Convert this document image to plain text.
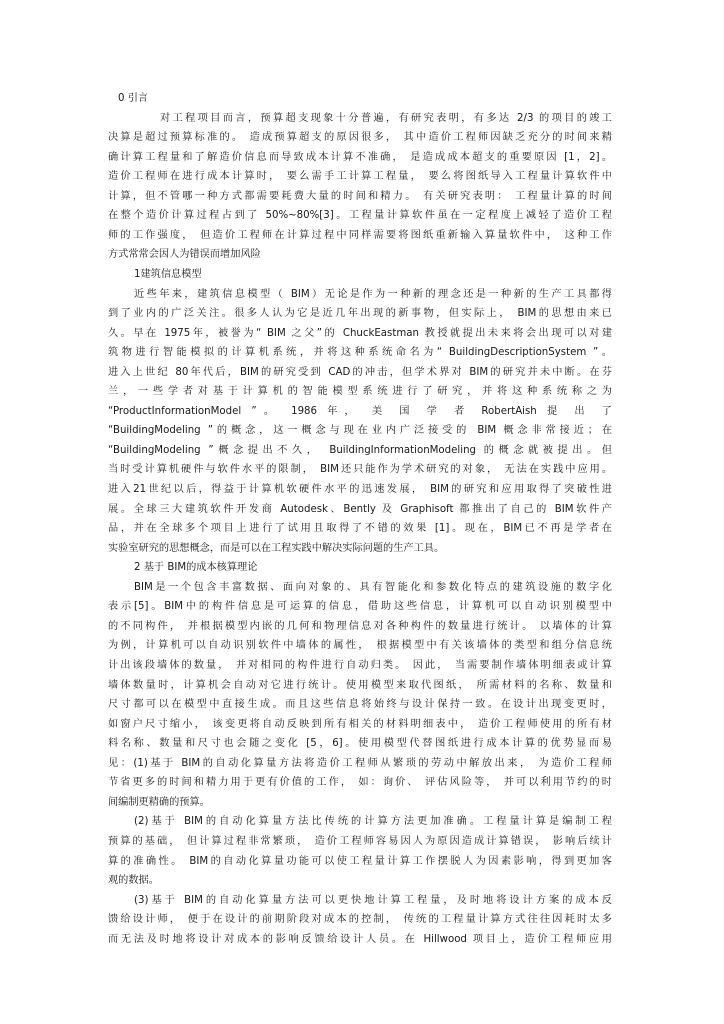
0 引言
对工程项目而言，预算超支现象十分普遍，有研究表明，有多达 2/3 的项目的竣工
决算是超过预算标准的。 造成预算超支的原因很多， 其中造价工程师因缺乏充分的时间来精
确计算工程量和了解造价信息而导致成本计算不准确， 是造成成本超支的重要原因 [1，2]。
造价工程师在进行成本计算时， 要么需手工计算工程量， 要么将图纸导入工程量计算软件中
计算，但不管哪一种方式都需要耗费大量的时间和精力。 有关研究表明： 工程量计算的时间
在整个造价计算过程占到了 50%~80%[3]。工程量计算软件虽在一定程度上减轻了造价工程
师的工作强度， 但造价工程师在计算过程中同样需要将图纸重新输入算量软件中， 这种工作
方式常常会因人为错误而增加风险
1建筑信息模型
近些年来，建筑信息模型（ BIM）无论是作为一种新的理念还是一种新的生产工具都得
到了业内的广泛关注。很多人认为它是近几年出现的新事物，但实际上， BIM的思想由来已
久。早在 1975年，被誉为“ BIM 之父”的 ChuckEastman 教授就提出未来将会出现可以对建
筑物进行智能模拟的计算机系统，并将这种系统命名为“ BuildingDescriptionSystem ”。
进入上世纪 80年代后，BIM的研究受到 CAD的冲击，但学术界对 BIM的研究并未中断。在芬
兰，一些学者对基于计算机的智能模型系统进行了研究，并将这种系统称之为
“ProductInformationModel ”。 1986 年， 美 国 学 者 RobertAish 提 出 了
“BuildingModeling ”的概念，这一概念与现在业内广泛接受的 BIM 概念非常接近；在
“BuildingModeling ”概念提出不久， BuildingInformationModeling 的概念就被提出。但
当时受计算机硬件与软件水平的限制， BIM还只能作为学术研究的对象， 无法在实践中应用。
进入21世纪以后，得益于计算机软硬件水平的迅速发展， BIM的研究和应用取得了突破性进
展。全球三大建筑软件开发商 Autodesk、Bently 及 Graphisoft 都推出了自己的 BIM软件产
品，并在全球多个项目上进行了试用且取得了不错的效果 [1]。现在，BIM已不再是学者在
实验室研究的思想概念，而是可以在工程实践中解决实际问题的生产工具。
2 基于 BIM的成本核算理论
BIM是一个包含丰富数据、面向对象的、具有智能化和参数化特点的建筑设施的数字化
表示[5]。BIM中的构件信息是可运算的信息，借助这些信息，计算机可以自动识别模型中
的不同构件， 并根据模型内嵌的几何和物理信息对各种构件的数量进行统计。 以墙体的计算
为例，计算机可以自动识别软件中墙体的属性， 根据模型中有关该墙体的类型和组分信息统
计出该段墙体的数量， 并对相同的构件进行自动归类。 因此， 当需要制作墙体明细表或计算
墙体数量时，计算机会自动对它进行统计。使用模型来取代图纸， 所需材料的名称、数量和
尺寸都可以在模型中直接生成。而且这些信息将始终与设计保持一致。在设计出现变更时，
如窗户尺寸缩小， 该变更将自动反映到所有相关的材料明细表中， 造价工程师使用的所有材
料名称、数量和尺寸也会随之变化 [5，6]。使用模型代替图纸进行成本计算的优势显而易
见：(1)基于 BIM的自动化算量方法将造价工程师从繁琐的劳动中解放出来， 为造价工程师
节省更多的时间和精力用于更有价值的工作， 如：询价、 评估风险等， 并可以利用节约的时
间编制更精确的预算。
(2)基于 BIM的自动化算量方法比传统的计算方法更加准确。工程量计算是编制工程
预算的基础， 但计算过程非常繁琐， 造价工程师容易因人为原因造成计算错误， 影响后续计
算的准确性。 BIM的自动化算量功能可以使工程量计算工作摆脱人为因素影响，得到更加客
观的数据。
(3)基于 BIM的自动化算量方法可以更快地计算工程量，及时地将设计方案的成本反
馈给设计师， 便于在设计的前期阶段对成本的控制， 传统的工程量计算方式往往因耗时太多
而无法及时地将设计对成本的影响反馈给设计人员。在 Hillwood 项目上，造价工程师应用
